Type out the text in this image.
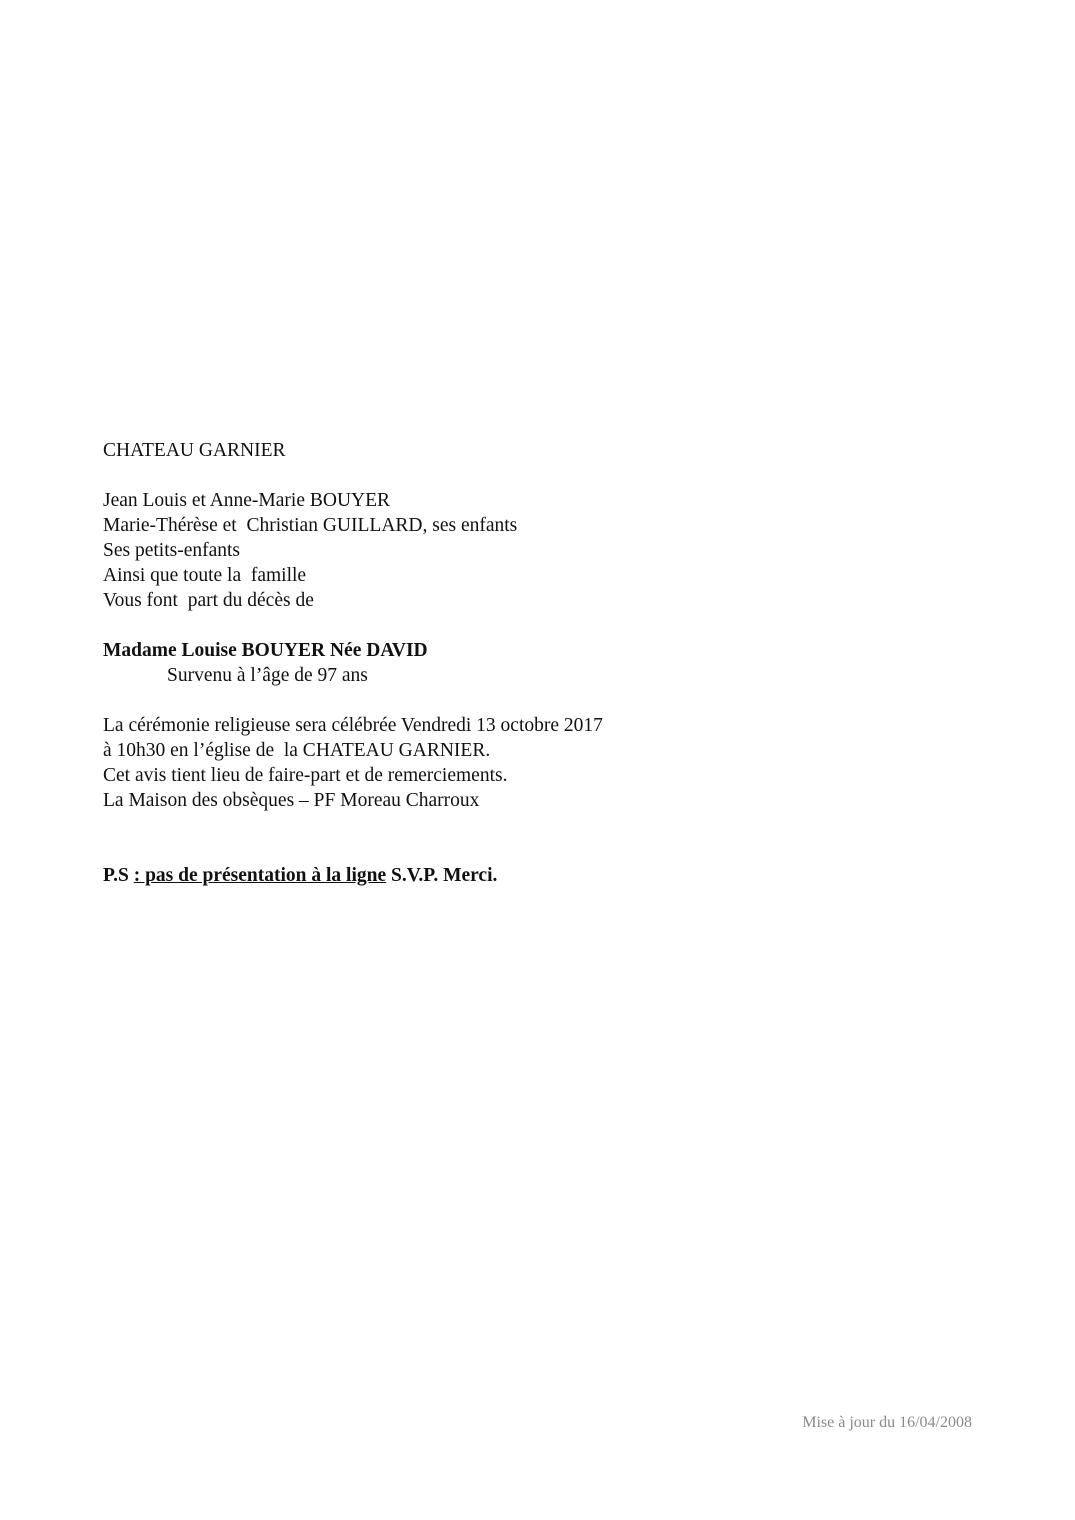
CHATEAU GARNIER
Jean Louis et Anne-Marie BOUYER
Marie-Thérèse et  Christian GUILLARD, ses enfants
Ses petits-enfants
Ainsi que toute la  famille
Vous font  part du décès de
Madame Louise BOUYER Née DAVID
Survenu à l’âge de 97 ans
La cérémonie religieuse sera célébrée Vendredi 13 octobre 2017
à 10h30 en l’église de  la CHATEAU GARNIER.
Cet avis tient lieu de faire-part et de remerciements.
La Maison des obsèques – PF Moreau Charroux
P.S : pas de présentation à la ligne S.V.P. Merci.
Mise à jour du 16/04/2008
